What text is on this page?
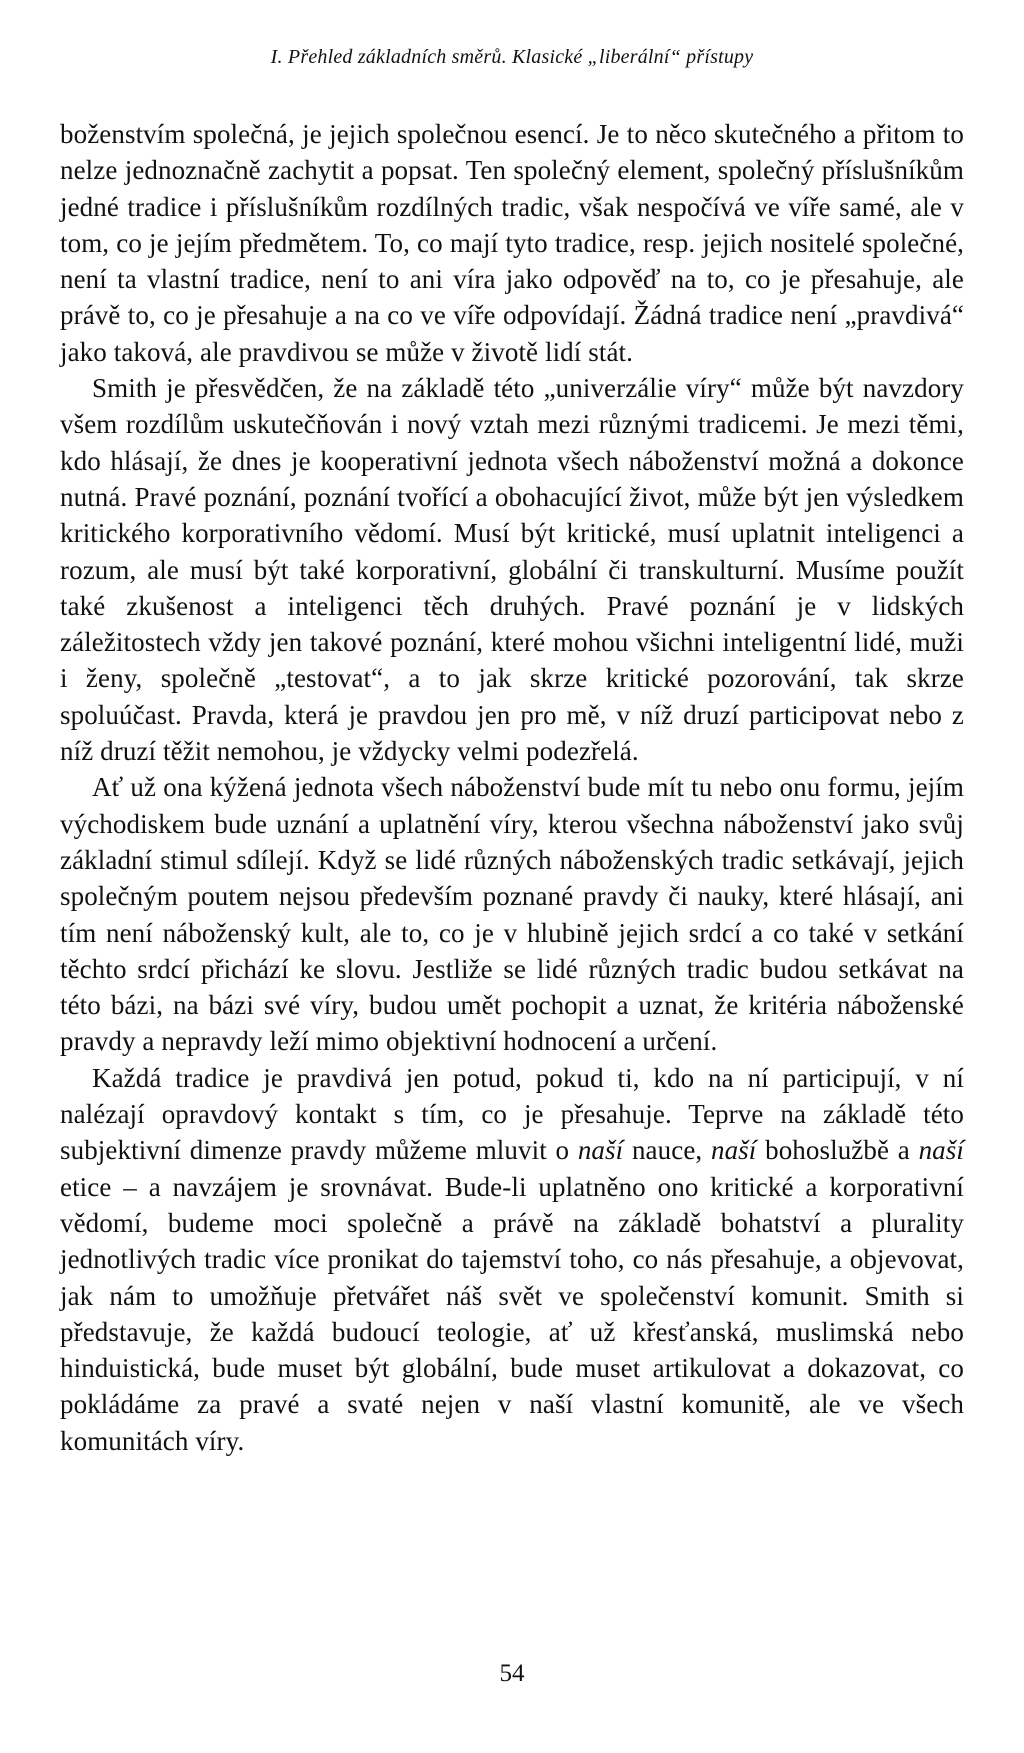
I. Přehled základních směrů. Klasické „liberální“ přístupy

boženstvím společná, je jejich společnou esencí. Je to něco skutečného a přitom to nelze jednoznačně zachytit a popsat. Ten společný element, společný příslušníkům jedné tradice i příslušníkům rozdílných tradic, však nespočívá ve víře samé, ale v tom, co je jejím předmětem. To, co mají tyto tradice, resp. jejich nositelé společné, není ta vlastní tradice, není to ani víra jako odpověď na to, co je přesahuje, ale právě to, co je přesahuje a na co ve víře odpovídají. Žádná tradice není „pravdivá“ jako taková, ale pravdivou se může v životě lidí stát.

Smith je přesvědčen, že na základě této „univerzálie víry“ může být navzdory všem rozdílům uskutečňován i nový vztah mezi různými tradicemi. Je mezi těmi, kdo hlásají, že dnes je kooperativní jednota všech náboženství možná a dokonce nutná. Pravé poznání, poznání tvořící a obohacující život, může být jen výsledkem kritického korporativního vědomí. Musí být kritické, musí uplatnit inteligenci a rozum, ale musí být také korporativní, globální či transkulturní. Musíme použít také zkušenost a inteligenci těch druhých. Pravé poznání je v lidských záležitostech vždy jen takové poznání, které mohou všichni inteligentní lidé, muži i ženy, společně „testovat“, a to jak skrze kritické pozorování, tak skrze spoluúčast. Pravda, která je pravdou jen pro mě, v níž druzí participovat nebo z níž druzí těžit nemohou, je vždycky velmi podezřelá.

Ať už ona kýžená jednota všech náboženství bude mít tu nebo onu formu, jejím východiskem bude uznání a uplatnění víry, kterou všechna náboženství jako svůj základní stimul sdílejí. Když se lidé různých náboženských tradic setkávají, jejich společným poutem nejsou především poznané pravdy či nauky, které hlásají, ani tím není náboženský kult, ale to, co je v hlubině jejich srdcí a co také v setkání těchto srdcí přichází ke slovu. Jestliže se lidé různých tradic budou setkávat na této bázi, na bázi své víry, budou umět pochopit a uznat, že kritéria náboženské pravdy a nepravdy leží mimo objektivní hodnocení a určení.

Každá tradice je pravdivá jen potud, pokud ti, kdo na ní participují, v ní nalézají opravdový kontakt s tím, co je přesahuje. Teprve na základě této subjektivní dimenze pravdy můžeme mluvit o naší nauce, naší bohoslužbě a naší etice – a navzájem je srovnávat. Bude-li uplatněno ono kritické a korporativní vědomí, budeme moci společně a právě na základě bohatství a plurality jednotlivých tradic více pronikat do tajemství toho, co nás přesahuje, a objevovat, jak nám to umožňuje přetvářet náš svět ve společenství komunit. Smith si představuje, že každá budoucí teologie, ať už křesťanská, muslimská nebo hinduistická, bude muset být globální, bude muset artikulovat a dokazovat, co pokládáme za pravé a svaté nejen v naší vlastní komunitě, ale ve všech komunitách víry.

54
